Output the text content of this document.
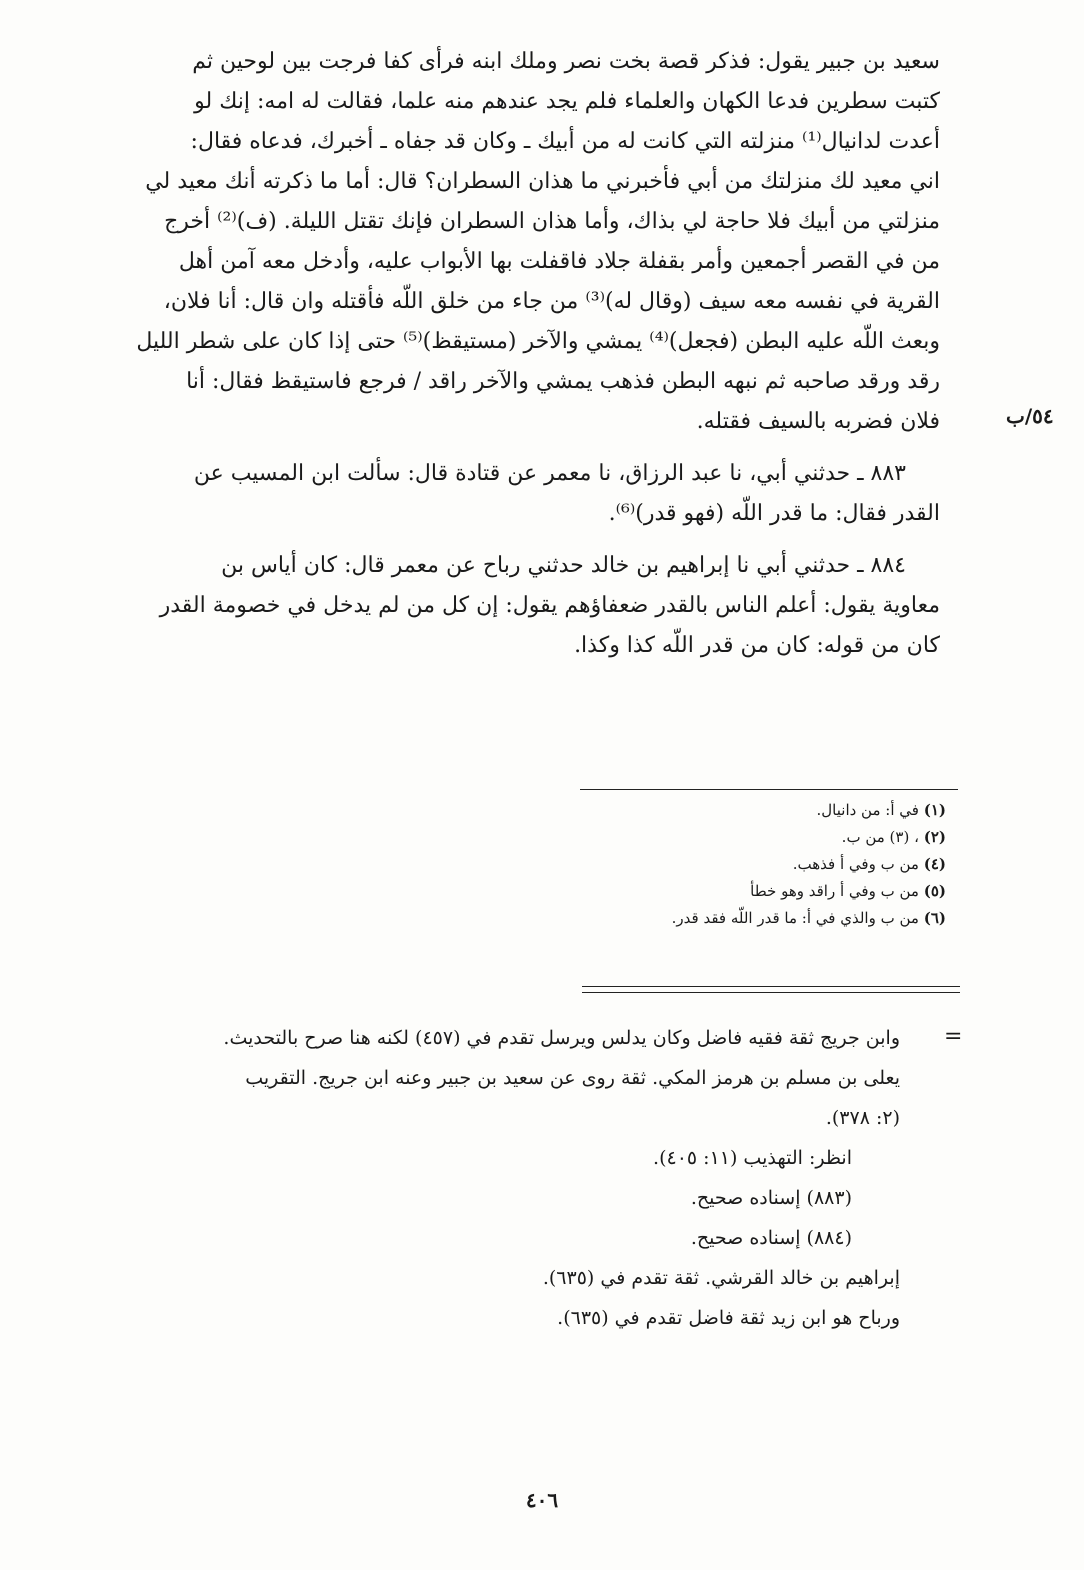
سعيد بن جبير يقول: فذكر قصة بخت نصر وملك ابنه فرأى كفا فرجت بين لوحين ثم
كتبت سطرين فدعا الكهان والعلماء فلم يجد عندهم منه علما، فقالت له امه: إنك لو
أعدت لدانيال⁽¹⁾ منزلته التي كانت له من أبيك ـ وكان قد جفاه ـ أخبرك، فدعاه فقال:
اني معيد لك منزلتك من أبي فأخبرني ما هذان السطران؟ قال: أما ما ذكرته أنك معيد لي
منزلتي من أبيك فلا حاجة لي بذاك، وأما هذان السطران فإنك تقتل الليلة. (ف)⁽²⁾ أخرج
من في القصر أجمعين وأمر بقفلة جلاد فاقفلت بها الأبواب عليه، وأدخل معه آمن أهل
القرية في نفسه معه سيف (وقال له)⁽³⁾ من جاء من خلق اللّه فأقتله وان قال: أنا فلان،
وبعث اللّه عليه البطن (فجعل)⁽⁴⁾ يمشي والآخر (مستيقظ)⁽⁵⁾ حتى إذا كان على شطر الليل
رقد ورقد صاحبه ثم نبهه البطن فذهب يمشي والآخر راقد / فرجع فاستيقظ فقال: أنا
فلان فضربه بالسيف فقتله.

٨٨٣ ـ حدثني أبي، نا عبد الرزاق، نا معمر عن قتادة قال: سألت ابن المسيب عن
القدر فقال: ما قدر اللّه (فهو قدر)⁽⁶⁾.

٨٨٤ ـ حدثني أبي نا إبراهيم بن خالد حدثني رباح عن معمر قال: كان أياس بن
معاوية يقول: أعلم الناس بالقدر ضعفاؤهم يقول: إن كل من لم يدخل في خصومة القدر
كان من قوله: كان من قدر اللّه كذا وكذا.

٥٤/ب
(١) في أ: من دانيال.
(٢) ، (٣) من ب.
(٤) من ب وفي أ فذهب.
(٥) من ب وفي أ راقد وهو خطأ
(٦) من ب والذي في أ: ما قدر اللّه فقد قدر.
=
وابن جريج ثقة فقيه فاضل وكان يدلس ويرسل تقدم في (٤٥٧) لكنه هنا صرح بالتحديث.
يعلى بن مسلم بن هرمز المكي. ثقة روى عن سعيد بن جبير وعنه ابن جريج. التقريب
(٢: ٣٧٨).
انظر: التهذيب (١١: ٤٠٥).
(٨٨٣) إسناده صحيح.
(٨٨٤) إسناده صحيح.
إبراهيم بن خالد القرشي. ثقة تقدم في (٦٣٥).
ورباح هو ابن زيد ثقة فاضل تقدم في (٦٣٥).
٤٠٦
